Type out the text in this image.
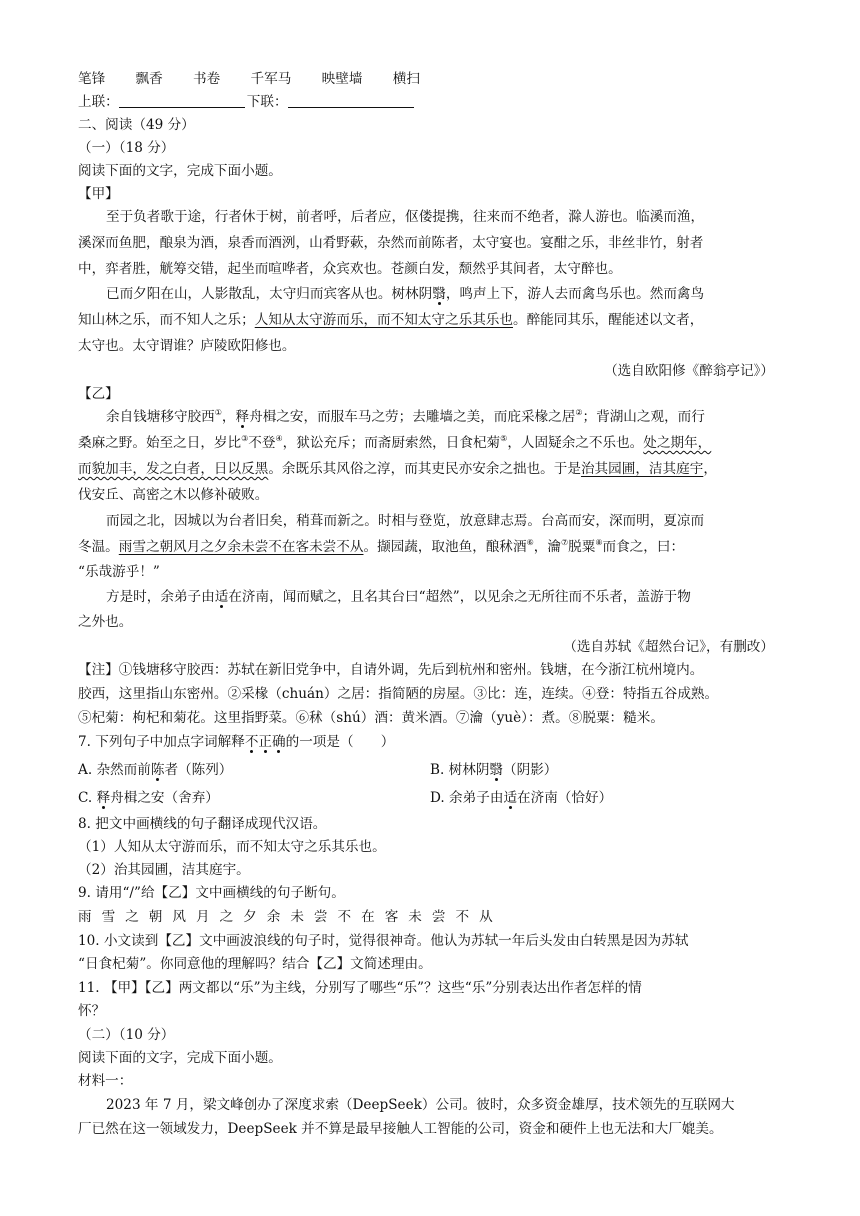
笔锋 飘香 书卷 千军马 映壁墙 横扫
上联：	下联：
二、阅读（49 分）
（一）（18 分）
阅读下面的文字，完成下面小题。
【甲】
至于负者歌于途，行者休于树，前者呼，后者应，伛偻提携，往来而不绝者，滁人游也。临溪而渔，
溪深而鱼肥，酿泉为酒，泉香而酒洌，山肴野蔌，杂然而前陈者，太守宴也。宴酣之乐，非丝非竹，射者
中，弈者胜，觥筹交错，起坐而喧哗者，众宾欢也。苍颜白发，颓然乎其间者，太守醉也。
已而夕阳在山，人影散乱，太守归而宾客从也。树林阴翳，鸣声上下，游人去而禽鸟乐也。然而禽鸟
知山林之乐，而不知人之乐；人知从太守游而乐，而不知太守之乐其乐也。醉能同其乐，醒能述以文者，
太守也。太守谓谁？庐陵欧阳修也。
（选自欧阳修《醉翁亭记》）
【乙】
余自钱塘移守胶西①，释舟楫之安，而服车马之劳；去雕墙之美，而庇采椽之居②；背湖山之观，而行
桑麻之野。始至之日，岁比③不登④，狱讼充斥；而斋厨索然，日食杞菊⑤，人固疑余之不乐也。处之期年，
而貌加丰，发之白者，日以反黑。余既乐其风俗之淳，而其吏民亦安余之拙也。于是治其园圃，洁其庭宇，
伐安丘、高密之木以修补破败。
而园之北，因城以为台者旧矣，稍葺而新之。时相与登览，放意肆志焉。台高而安，深而明，夏凉而
冬温。雨雪之朝风月之夕余未尝不在客未尝不从。撷园蔬，取池鱼，酿秫酒⑥，瀹⑦脱粟⑧而食之，曰：
“乐哉游乎！”
方是时，余弟子由适在济南，闻而赋之，且名其台曰“超然”，以见余之无所往而不乐者，盖游于物
之外也。
（选自苏轼《超然台记》，有删改）
【注】①钱塘移守胶西：苏轼在新旧党争中，自请外调，先后到杭州和密州。钱塘，在今浙江杭州境内。
胶西，这里指山东密州。②采椽（chuán）之居：指简陋的房屋。③比：连，连续。④登：特指五谷成熟。
⑤杞菊：枸杞和菊花。这里指野菜。⑥秫（shú）酒：黄米酒。⑦瀹（yuè）：煮。⑧脱粟：糙米。
7. 下列句子中加点字词解释不正确的一项是（　　）
A. 杂然而前陈者（陈列）	B. 树林阴翳（阴影）
C. 释舟楫之安（舍弃）	D. 余弟子由适在济南（恰好）
8. 把文中画横线的句子翻译成现代汉语。
（1）人知从太守游而乐，而不知太守之乐其乐也。
（2）治其园圃，洁其庭宇。
9. 请用“/”给【乙】文中画横线的句子断句。
雨雪之朝风月之夕余未尝不在客未尝不从
10. 小文读到【乙】文中画波浪线的句子时，觉得很神奇。他认为苏轼一年后头发由白转黑是因为苏轼
“日食杞菊”。你同意他的理解吗？结合【乙】文简述理由。
11. 【甲】【乙】两文都以“乐”为主线，分别写了哪些“乐”？这些“乐”分别表达出作者怎样的情
怀？
（二）（10 分）
阅读下面的文字，完成下面小题。
材料一：
2023 年 7 月，梁文峰创办了深度求索（DeepSeek）公司。彼时，众多资金雄厚，技术领先的互联网大
厂已然在这一领域发力，DeepSeek 并不算是最早接触人工智能的公司，资金和硬件上也无法和大厂媲美。
